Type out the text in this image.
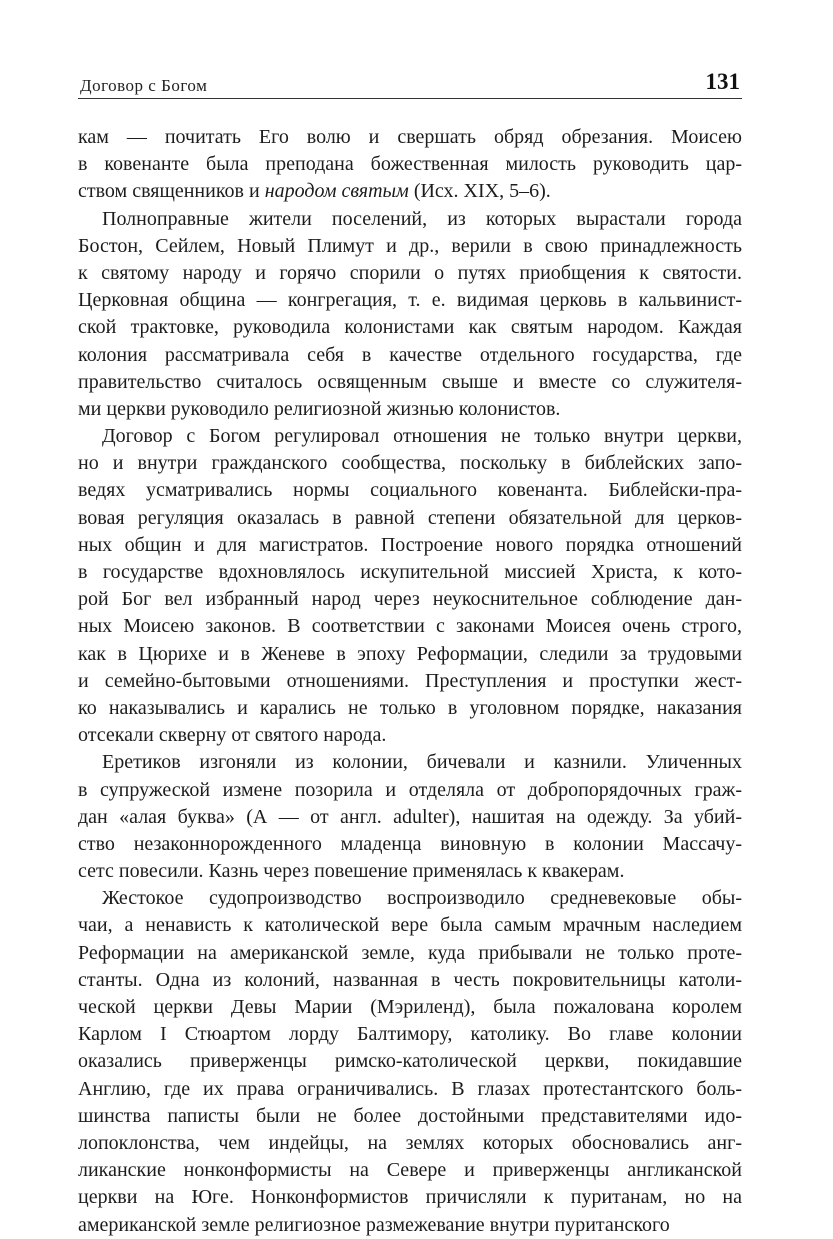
Договор с Богом	131
кам — почитать Его волю и свершать обряд обрезания. Моисею
в ковенанте была преподана божественная милость руководить цар-
ством священников и народом святым (Исх. XIX, 5–6).
Полноправные жители поселений, из которых вырастали города
Бостон, Сейлем, Новый Плимут и др., верили в свою принадлежность
к святому народу и горячо спорили о путях приобщения к святости.
Церковная община — конгрегация, т. е. видимая церковь в кальвинист-
ской трактовке, руководила колонистами как святым народом. Каждая
колония рассматривала себя в качестве отдельного государства, где
правительство считалось освященным свыше и вместе со служителя-
ми церкви руководило религиозной жизнью колонистов.
Договор с Богом регулировал отношения не только внутри церкви,
но и внутри гражданского сообщества, поскольку в библейских запо-
ведях усматривались нормы социального ковенанта. Библейски-пра-
вовая регуляция оказалась в равной степени обязательной для церков-
ных общин и для магистратов. Построение нового порядка отношений
в государстве вдохновлялось искупительной миссией Христа, к кото-
рой Бог вел избранный народ через неукоснительное соблюдение дан-
ных Моисею законов. В соответствии с законами Моисея очень строго,
как в Цюрихе и в Женеве в эпоху Реформации, следили за трудовыми
и семейно-бытовыми отношениями. Преступления и проступки жест-
ко наказывались и карались не только в уголовном порядке, наказания
отсекали скверну от святого народа.
Еретиков изгоняли из колонии, бичевали и казнили. Уличенных
в супружеской измене позорила и отделяла от добропорядочных граж-
дан «алая буква» (А — от англ. adulter), нашитая на одежду. За убий-
ство незаконнорожденного младенца виновную в колонии Массачу-
сетс повесили. Казнь через повешение применялась к квакерам.
Жестокое судопроизводство воспроизводило средневековые обы-
чаи, а ненависть к католической вере была самым мрачным наследием
Реформации на американской земле, куда прибывали не только проте-
станты. Одна из колоний, названная в честь покровительницы католи-
ческой церкви Девы Марии (Мэриленд), была пожалована королем
Карлом I Стюартом лорду Балтимору, католику. Во главе колонии
оказались приверженцы римско-католической церкви, покидавшие
Англию, где их права ограничивались. В глазах протестантского боль-
шинства паписты были не более достойными представителями идо-
лопоклонства, чем индейцы, на землях которых обосновались анг-
ликанские нонконформисты на Севере и приверженцы англиканской
церкви на Юге. Нонконформистов причисляли к пуританам, но на
американской земле религиозное размежевание внутри пуританского
